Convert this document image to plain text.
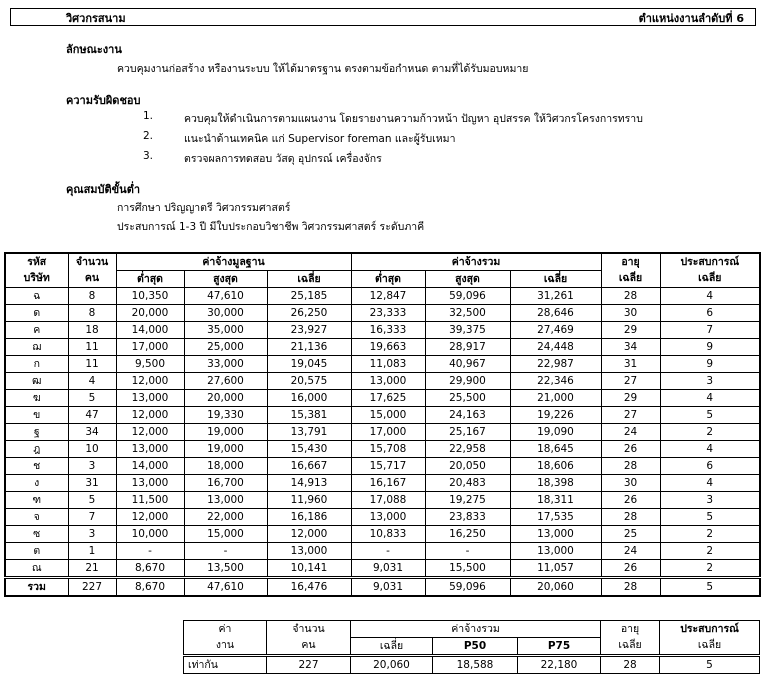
วิศวกรสนาม	ตำแหน่งงานลำดับที่ 6
ลักษณะงาน
ควบคุมงานก่อสร้าง หรืองานระบบ ให้ได้มาตรฐาน ตรงตามข้อกำหนด ตามที่ได้รับมอบหมาย
ความรับผิดชอบ
1.	ควบคุมให้ดำเนินการตามแผนงาน โดยรายงานความก้าวหน้า ปัญหา อุปสรรค ให้วิศวกรโครงการทราบ
2.	แนะนำด้านเทคนิค แก่ Supervisor foreman และผู้รับเหมา
3.	ตรวจผลการทดสอบ วัสดุ อุปกรณ์ เครื่องจักร
คุณสมบัติขั้นต่ำ
การศึกษา ปริญญาตรี วิศวกรรมศาสตร์
ประสบการณ์ 1-3 ปี มีใบประกอบวิชาชีพ วิศวกรรมศาสตร์ ระดับภาคี
รหัส	จำนวน	ค่าจ้างมูลฐาน			ค่าจ้างรวม			อายุ	ประสบการณ์
บริษัท	คน	ต่ำสุด	สูงสุด	เฉลี่ย	ต่ำสุด	สูงสุด	เฉลี่ย	เฉลี่ย	เฉลี่ย
ฉ	8	10,350	47,610	25,185	12,847	59,096	31,261	28	4
ด	8	20,000	30,000	26,250	23,333	32,500	28,646	30	6
ค	18	14,000	35,000	23,927	16,333	39,375	27,469	29	7
ฌ	11	17,000	25,000	21,136	19,663	28,917	24,448	34	9
ก	11	9,500	33,000	19,045	11,083	40,967	22,987	31	9
ฒ	4	12,000	27,600	20,575	13,000	29,900	22,346	27	3
ฆ	5	13,000	20,000	16,000	17,625	25,500	21,000	29	4
ข	47	12,000	19,330	15,381	15,000	24,163	19,226	27	5
ฐ	34	12,000	19,000	13,791	17,000	25,167	19,090	24	2
ฎ	10	13,000	19,000	15,430	15,708	22,958	18,645	26	4
ช	3	14,000	18,000	16,667	15,717	20,050	18,606	28	6
ง	31	13,000	16,700	14,913	16,167	20,483	18,398	30	4
ฑ	5	11,500	13,000	11,960	17,088	19,275	18,311	26	3
จ	7	12,000	22,000	16,186	13,000	23,833	17,535	28	5
ซ	3	10,000	15,000	12,000	10,833	16,250	13,000	25	2
ต	1	-	-	13,000	-	-	13,000	24	2
ณ	21	8,670	13,500	10,141	9,031	15,500	11,057	26	2
รวม	227	8,670	47,610	16,476	9,031	59,096	20,060	28	5
ค่า	จำนวน	ค่าจ้างรวม			อายุ	ประสบการณ์
งาน	คน	เฉลี่ย	P50	P75	เฉลี่ย	เฉลี่ย
เท่ากัน	227	20,060	18,588	22,180	28	5
